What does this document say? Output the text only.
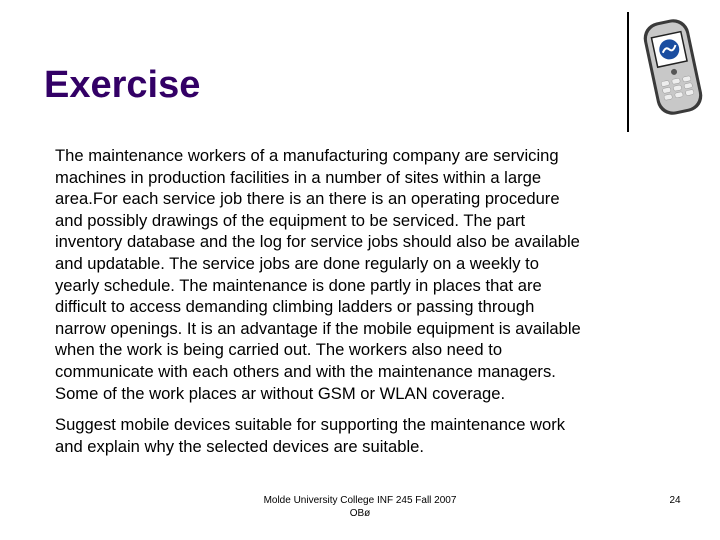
Exercise
The maintenance workers of a manufacturing company are servicing
machines in production facilities in a number of sites within a large
area.For each service job there is an there is an operating procedure
and possibly drawings of the equipment to be serviced. The part
inventory database and the log for service jobs should also be available
and updatable. The service jobs are done regularly on a weekly to
yearly schedule. The maintenance is done partly in places that are
difficult to access demanding climbing ladders or passing through
narrow openings. It is an advantage if the mobile equipment is available
when the work is being carried out. The workers also need to
communicate with each others and with the maintenance managers.
Some of the work places ar without GSM or WLAN coverage.
Suggest mobile devices suitable for supporting the maintenance work
and explain why the selected devices are suitable.
Molde University College INF 245 Fall 2007
OBø
24
